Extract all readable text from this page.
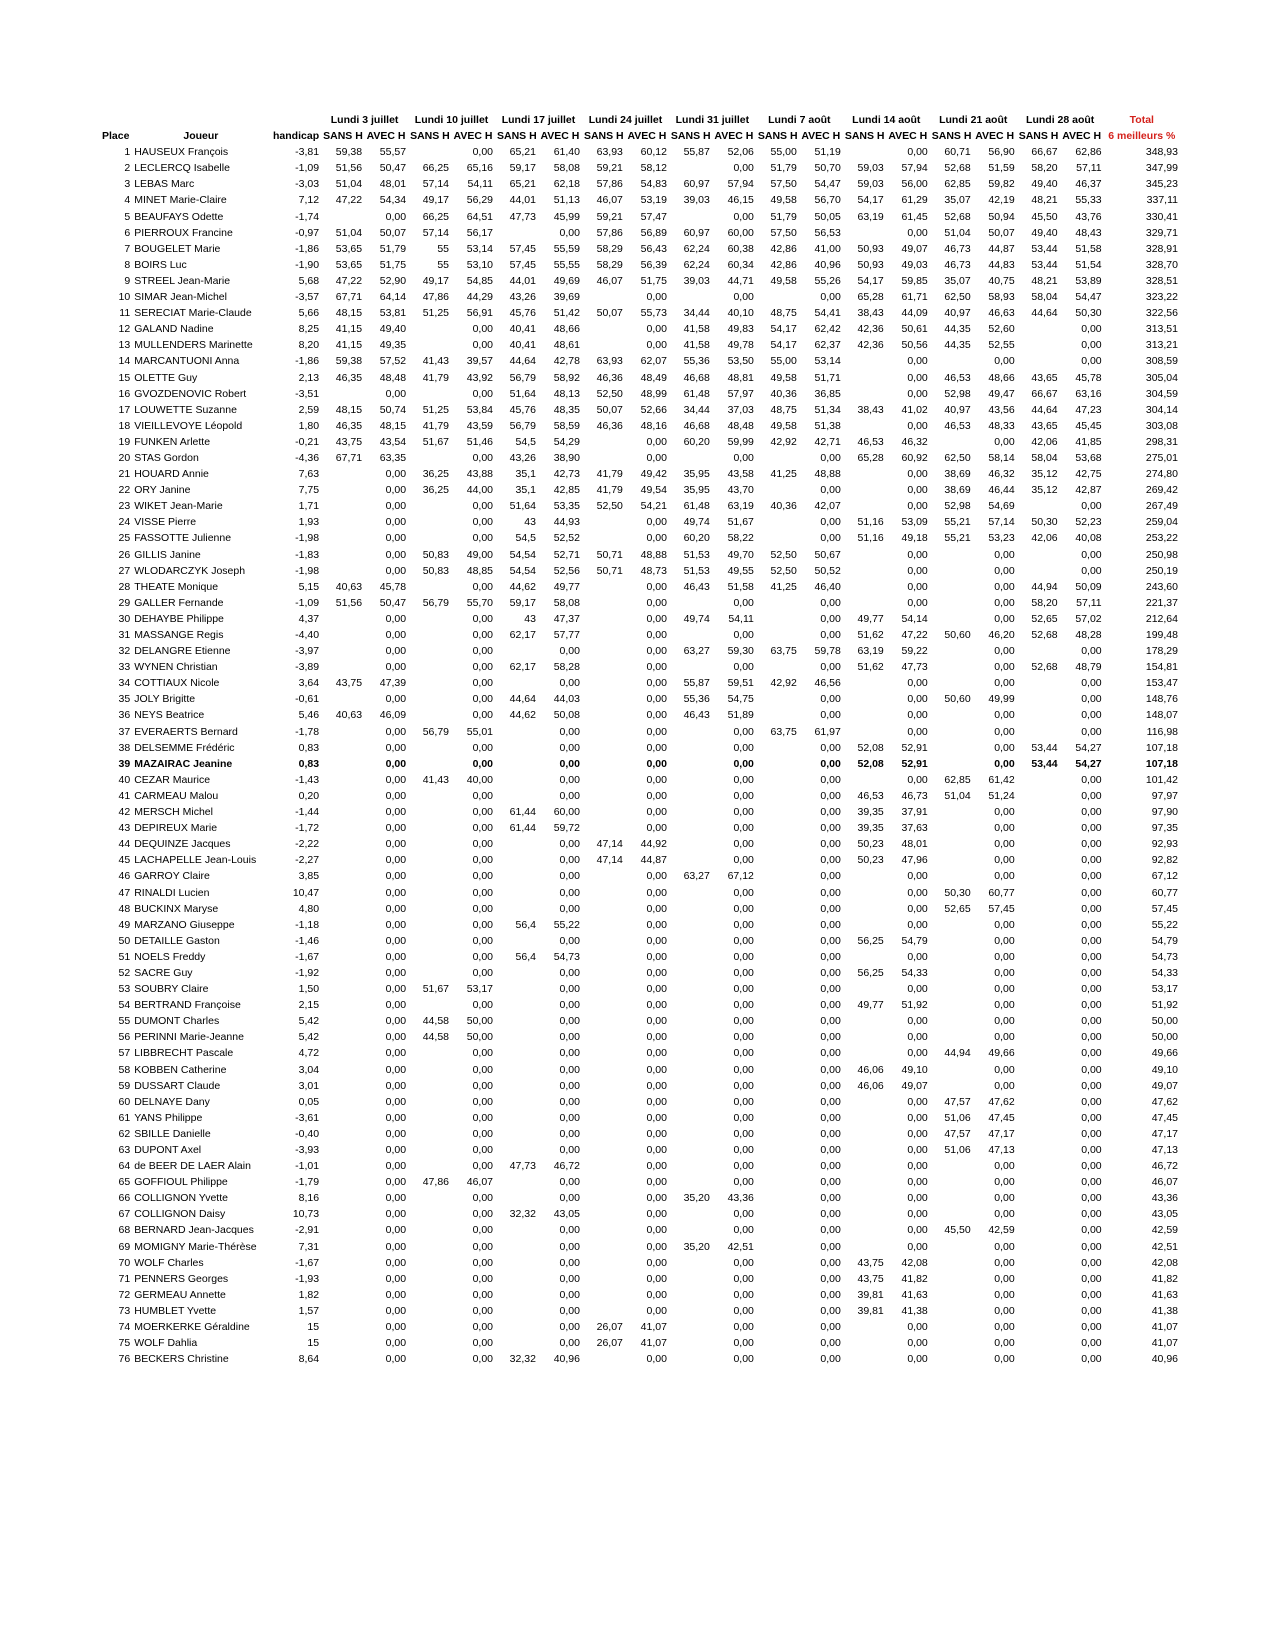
			Lundi 3 juillet		Lundi 10 juillet		Lundi 17 juillet		Lundi 24 juillet		Lundi 31 juillet		Lundi 7 août		Lundi 14 août		Lundi 21 août		Lundi 28 août		Total
Place	Joueur	handicap	SANS H	AVEC H	SANS H	AVEC H	SANS H	AVEC H	SANS H	AVEC H	SANS H	AVEC H	SANS H	AVEC H	SANS H	AVEC H	SANS H	AVEC H	SANS H	AVEC H	6 meilleurs %
1	HAUSEUX François	-3,81	59,38	55,57		0,00	65,21	61,40	63,93	60,12	55,87	52,06	55,00	51,19		0,00	60,71	56,90	66,67	62,86	348,93
2	LECLERCQ Isabelle	-1,09	51,56	50,47	66,25	65,16	59,17	58,08	59,21	58,12		0,00	51,79	50,70	59,03	57,94	52,68	51,59	58,20	57,11	347,99
3	LEBAS Marc	-3,03	51,04	48,01	57,14	54,11	65,21	62,18	57,86	54,83	60,97	57,94	57,50	54,47	59,03	56,00	62,85	59,82	49,40	46,37	345,23
4	MINET Marie-Claire	7,12	47,22	54,34	49,17	56,29	44,01	51,13	46,07	53,19	39,03	46,15	49,58	56,70	54,17	61,29	35,07	42,19	48,21	55,33	337,11
5	BEAUFAYS Odette	-1,74		0,00	66,25	64,51	47,73	45,99	59,21	57,47		0,00	51,79	50,05	63,19	61,45	52,68	50,94	45,50	43,76	330,41
6	PIERROUX Francine	-0,97	51,04	50,07	57,14	56,17		0,00	57,86	56,89	60,97	60,00	57,50	56,53		0,00	51,04	50,07	49,40	48,43	329,71
7	BOUGELET Marie	-1,86	53,65	51,79	55	53,14	57,45	55,59	58,29	56,43	62,24	60,38	42,86	41,00	50,93	49,07	46,73	44,87	53,44	51,58	328,91
8	BOIRS Luc	-1,90	53,65	51,75	55	53,10	57,45	55,55	58,29	56,39	62,24	60,34	42,86	40,96	50,93	49,03	46,73	44,83	53,44	51,54	328,70
9	STREEL Jean-Marie	5,68	47,22	52,90	49,17	54,85	44,01	49,69	46,07	51,75	39,03	44,71	49,58	55,26	54,17	59,85	35,07	40,75	48,21	53,89	328,51
10	SIMAR Jean-Michel	-3,57	67,71	64,14	47,86	44,29	43,26	39,69		0,00		0,00		0,00	65,28	61,71	62,50	58,93	58,04	54,47	323,22
11	SERECIAT Marie-Claude	5,66	48,15	53,81	51,25	56,91	45,76	51,42	50,07	55,73	34,44	40,10	48,75	54,41	38,43	44,09	40,97	46,63	44,64	50,30	322,56
12	GALAND Nadine	8,25	41,15	49,40		0,00	40,41	48,66		0,00	41,58	49,83	54,17	62,42	42,36	50,61	44,35	52,60		0,00	313,51
13	MULLENDERS Marinette	8,20	41,15	49,35		0,00	40,41	48,61		0,00	41,58	49,78	54,17	62,37	42,36	50,56	44,35	52,55		0,00	313,21
14	MARCANTUONI Anna	-1,86	59,38	57,52	41,43	39,57	44,64	42,78	63,93	62,07	55,36	53,50	55,00	53,14		0,00		0,00		0,00	308,59
15	OLETTE Guy	2,13	46,35	48,48	41,79	43,92	56,79	58,92	46,36	48,49	46,68	48,81	49,58	51,71		0,00	46,53	48,66	43,65	45,78	305,04
16	GVOZDENOVIC Robert	-3,51		0,00		0,00	51,64	48,13	52,50	48,99	61,48	57,97	40,36	36,85		0,00	52,98	49,47	66,67	63,16	304,59
17	LOUWETTE Suzanne	2,59	48,15	50,74	51,25	53,84	45,76	48,35	50,07	52,66	34,44	37,03	48,75	51,34	38,43	41,02	40,97	43,56	44,64	47,23	304,14
18	VIEILLEVOYE Léopold	1,80	46,35	48,15	41,79	43,59	56,79	58,59	46,36	48,16	46,68	48,48	49,58	51,38		0,00	46,53	48,33	43,65	45,45	303,08
19	FUNKEN Arlette	-0,21	43,75	43,54	51,67	51,46	54,5	54,29		0,00	60,20	59,99	42,92	42,71	46,53	46,32		0,00	42,06	41,85	298,31
20	STAS Gordon	-4,36	67,71	63,35		0,00	43,26	38,90		0,00		0,00		0,00	65,28	60,92	62,50	58,14	58,04	53,68	275,01
21	HOUARD Annie	7,63		0,00	36,25	43,88	35,1	42,73	41,79	49,42	35,95	43,58	41,25	48,88		0,00	38,69	46,32	35,12	42,75	274,80
22	ORY Janine	7,75		0,00	36,25	44,00	35,1	42,85	41,79	49,54	35,95	43,70		0,00		0,00	38,69	46,44	35,12	42,87	269,42
23	WIKET Jean-Marie	1,71		0,00		0,00	51,64	53,35	52,50	54,21	61,48	63,19	40,36	42,07		0,00	52,98	54,69		0,00	267,49
24	VISSE Pierre	1,93		0,00		0,00	43	44,93		0,00	49,74	51,67		0,00	51,16	53,09	55,21	57,14	50,30	52,23	259,04
25	FASSOTTE Julienne	-1,98		0,00		0,00	54,5	52,52		0,00	60,20	58,22		0,00	51,16	49,18	55,21	53,23	42,06	40,08	253,22
26	GILLIS Janine	-1,83		0,00	50,83	49,00	54,54	52,71	50,71	48,88	51,53	49,70	52,50	50,67		0,00		0,00		0,00	250,98
27	WLODARCZYK Joseph	-1,98		0,00	50,83	48,85	54,54	52,56	50,71	48,73	51,53	49,55	52,50	50,52		0,00		0,00		0,00	250,19
28	THEATE Monique	5,15	40,63	45,78		0,00	44,62	49,77		0,00	46,43	51,58	41,25	46,40		0,00		0,00	44,94	50,09	243,60
29	GALLER Fernande	-1,09	51,56	50,47	56,79	55,70	59,17	58,08		0,00		0,00		0,00		0,00		0,00	58,20	57,11	221,37
30	DEHAYBE Philippe	4,37		0,00		0,00	43	47,37		0,00	49,74	54,11		0,00	49,77	54,14		0,00	52,65	57,02	212,64
31	MASSANGE Regis	-4,40		0,00		0,00	62,17	57,77		0,00		0,00		0,00	51,62	47,22	50,60	46,20	52,68	48,28	199,48
32	DELANGRE Etienne	-3,97		0,00		0,00		0,00		0,00	63,27	59,30	63,75	59,78	63,19	59,22		0,00		0,00	178,29
33	WYNEN Christian	-3,89		0,00		0,00	62,17	58,28		0,00		0,00		0,00	51,62	47,73		0,00	52,68	48,79	154,81
34	COTTIAUX Nicole	3,64	43,75	47,39		0,00		0,00		0,00	55,87	59,51	42,92	46,56		0,00		0,00		0,00	153,47
35	JOLY Brigitte	-0,61		0,00		0,00	44,64	44,03		0,00	55,36	54,75		0,00		0,00	50,60	49,99		0,00	148,76
36	NEYS Beatrice	5,46	40,63	46,09		0,00	44,62	50,08		0,00	46,43	51,89		0,00		0,00		0,00		0,00	148,07
37	EVERAERTS Bernard	-1,78		0,00	56,79	55,01		0,00		0,00		0,00	63,75	61,97		0,00		0,00		0,00	116,98
38	DELSEMME Frédéric	0,83		0,00		0,00		0,00		0,00		0,00		0,00	52,08	52,91		0,00	53,44	54,27	107,18
39	MAZAIRAC Jeanine	0,83		0,00		0,00		0,00		0,00		0,00		0,00	52,08	52,91		0,00	53,44	54,27	107,18
40	CEZAR Maurice	-1,43		0,00	41,43	40,00		0,00		0,00		0,00		0,00		0,00	62,85	61,42		0,00	101,42
41	CARMEAU Malou	0,20		0,00		0,00		0,00		0,00		0,00		0,00	46,53	46,73	51,04	51,24		0,00	97,97
42	MERSCH Michel	-1,44		0,00		0,00	61,44	60,00		0,00		0,00		0,00	39,35	37,91		0,00		0,00	97,90
43	DEPIREUX Marie	-1,72		0,00		0,00	61,44	59,72		0,00		0,00		0,00	39,35	37,63		0,00		0,00	97,35
44	DEQUINZE Jacques	-2,22		0,00		0,00		0,00	47,14	44,92		0,00		0,00	50,23	48,01		0,00		0,00	92,93
45	LACHAPELLE Jean-Louis	-2,27		0,00		0,00		0,00	47,14	44,87		0,00		0,00	50,23	47,96		0,00		0,00	92,82
46	GARROY Claire	3,85		0,00		0,00		0,00		0,00	63,27	67,12		0,00		0,00		0,00		0,00	67,12
47	RINALDI Lucien	10,47		0,00		0,00		0,00		0,00		0,00		0,00		0,00	50,30	60,77		0,00	60,77
48	BUCKINX Maryse	4,80		0,00		0,00		0,00		0,00		0,00		0,00		0,00	52,65	57,45		0,00	57,45
49	MARZANO Giuseppe	-1,18		0,00		0,00	56,4	55,22		0,00		0,00		0,00		0,00		0,00		0,00	55,22
50	DETAILLE Gaston	-1,46		0,00		0,00		0,00		0,00		0,00		0,00	56,25	54,79		0,00		0,00	54,79
51	NOELS Freddy	-1,67		0,00		0,00	56,4	54,73		0,00		0,00		0,00		0,00		0,00		0,00	54,73
52	SACRE Guy	-1,92		0,00		0,00		0,00		0,00		0,00		0,00	56,25	54,33		0,00		0,00	54,33
53	SOUBRY Claire	1,50		0,00	51,67	53,17		0,00		0,00		0,00		0,00		0,00		0,00		0,00	53,17
54	BERTRAND Françoise	2,15		0,00		0,00		0,00		0,00		0,00		0,00	49,77	51,92		0,00		0,00	51,92
55	DUMONT Charles	5,42		0,00	44,58	50,00		0,00		0,00		0,00		0,00		0,00		0,00		0,00	50,00
56	PERINNI Marie-Jeanne	5,42		0,00	44,58	50,00		0,00		0,00		0,00		0,00		0,00		0,00		0,00	50,00
57	LIBBRECHT Pascale	4,72		0,00		0,00		0,00		0,00		0,00		0,00		0,00	44,94	49,66		0,00	49,66
58	KOBBEN Catherine	3,04		0,00		0,00		0,00		0,00		0,00		0,00	46,06	49,10		0,00		0,00	49,10
59	DUSSART Claude	3,01		0,00		0,00		0,00		0,00		0,00		0,00	46,06	49,07		0,00		0,00	49,07
60	DELNAYE Dany	0,05		0,00		0,00		0,00		0,00		0,00		0,00		0,00	47,57	47,62		0,00	47,62
61	YANS Philippe	-3,61		0,00		0,00		0,00		0,00		0,00		0,00		0,00	51,06	47,45		0,00	47,45
62	SBILLE Danielle	-0,40		0,00		0,00		0,00		0,00		0,00		0,00		0,00	47,57	47,17		0,00	47,17
63	DUPONT Axel	-3,93		0,00		0,00		0,00		0,00		0,00		0,00		0,00	51,06	47,13		0,00	47,13
64	de BEER DE LAER Alain	-1,01		0,00		0,00	47,73	46,72		0,00		0,00		0,00		0,00		0,00		0,00	46,72
65	GOFFIOUL Philippe	-1,79		0,00	47,86	46,07		0,00		0,00		0,00		0,00		0,00		0,00		0,00	46,07
66	COLLIGNON Yvette	8,16		0,00		0,00		0,00		0,00	35,20	43,36		0,00		0,00		0,00		0,00	43,36
67	COLLIGNON Daisy	10,73		0,00		0,00	32,32	43,05		0,00		0,00		0,00		0,00		0,00		0,00	43,05
68	BERNARD Jean-Jacques	-2,91		0,00		0,00		0,00		0,00		0,00		0,00		0,00	45,50	42,59		0,00	42,59
69	MOMIGNY Marie-Thérèse	7,31		0,00		0,00		0,00		0,00	35,20	42,51		0,00		0,00		0,00		0,00	42,51
70	WOLF Charles	-1,67		0,00		0,00		0,00		0,00		0,00		0,00	43,75	42,08		0,00		0,00	42,08
71	PENNERS Georges	-1,93		0,00		0,00		0,00		0,00		0,00		0,00	43,75	41,82		0,00		0,00	41,82
72	GERMEAU Annette	1,82		0,00		0,00		0,00		0,00		0,00		0,00	39,81	41,63		0,00		0,00	41,63
73	HUMBLET Yvette	1,57		0,00		0,00		0,00		0,00		0,00		0,00	39,81	41,38		0,00		0,00	41,38
74	MOERKERKE Géraldine	15		0,00		0,00		0,00	26,07	41,07		0,00		0,00		0,00		0,00		0,00	41,07
75	WOLF Dahlia	15		0,00		0,00		0,00	26,07	41,07		0,00		0,00		0,00		0,00		0,00	41,07
76	BECKERS Christine	8,64		0,00		0,00	32,32	40,96		0,00		0,00		0,00		0,00		0,00		0,00	40,96
